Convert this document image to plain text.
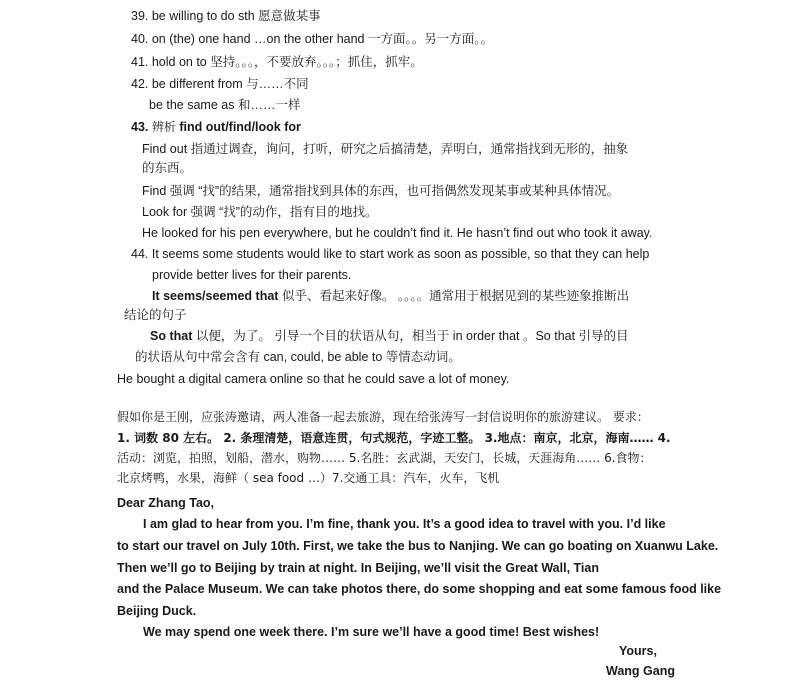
39. be willing to do sth 愿意做某事
40. on (the) one hand …on the other hand 一方面。。另一方面。。
41. hold on to 坚持。。。，不要放弃。。。；抓住，抓牢。
42. be different from 与……不同
be the same as 和……一样
43. 辨析 find out/find/look for
Find out 指通过调查，询问，打听，研究之后搞清楚，弄明白，通常指找到无形的，抽象
的东西。
Find 强调 “找”的结果，通常指找到具体的东西，也可指偶然发现某事或某种具体情况。
Look for 强调 “找”的动作，指有目的地找。
He looked for his pen everywhere, but he couldn’t find it. He hasn’t find out who took it away.
44. It seems some students would like to start work as soon as possible, so that they can help
provide better lives for their parents.
It seems/seemed that 似乎、看起来好像。 。。。。通常用于根据见到的某些迹象推断出
结论的句子
So that 以便，为了。 引导一个目的状语从句，相当于 in order that 。So that 引导的目
的状语从句中常会含有 can, could, be able to 等情态动词。
He bought a digital camera online so that he could save a lot of money.
假如你是王刚，应张涛邀请，两人准备一起去旅游，现在给张涛写一封信说明你的旅游建议。 要求：
1. 词数 80 左右。 2. 条理清楚，语意连贯，句式规范，字迹工整。 3.地点：南京，北京，海南…… 4.
活动：浏览，拍照，划船，潜水，购物…… 5.名胜：玄武湖，天安门，长城，天涯海角…… 6.食物：
北京烤鸭，水果，海鲜（ sea food …）7.交通工具：汽车，火车，飞机
Dear Zhang Tao,
I am glad to hear from you. I’m fine, thank you. It’s a good idea to travel with you. I’d like
to start our travel on July 10th. First, we take the bus to Nanjing. We can go boating on Xuanwu Lake.
Then we’ll go to Beijing by train at night. In Beijing, we’ll visit the Great Wall, Tian
and the Palace Museum. We can take photos there, do some shopping and eat some famous food like
Beijing Duck.
We may spend one week there. I’m sure we’ll have a good time! Best wishes!
Yours,
Wang Gang
